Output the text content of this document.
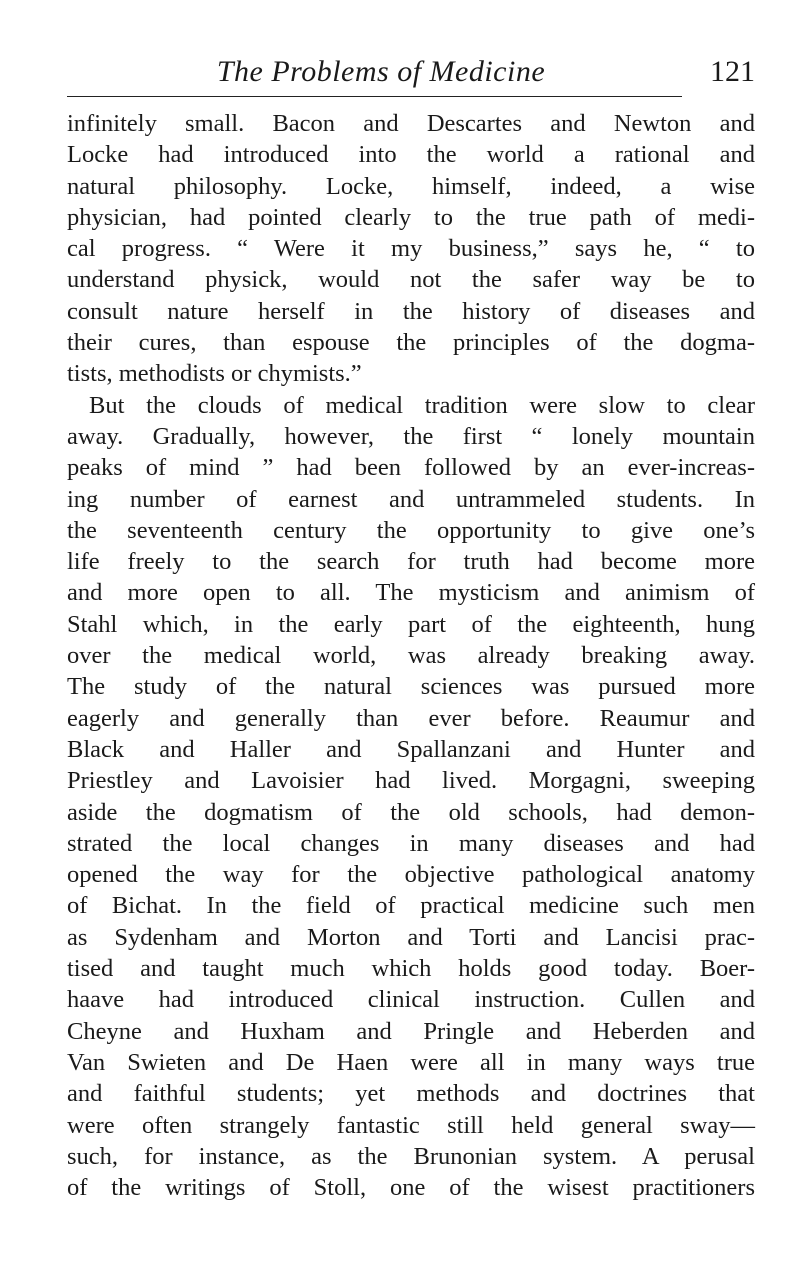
The Problems of Medicine	121
infinitely small. Bacon and Descartes and Newton and
Locke had introduced into the world a rational and
natural philosophy. Locke, himself, indeed, a wise
physician, had pointed clearly to the true path of medi-
cal progress. “ Were it my business,” says he, “ to
understand physick, would not the safer way be to
consult nature herself in the history of diseases and
their cures, than espouse the principles of the dogma-
tists, methodists or chymists.”
But the clouds of medical tradition were slow to clear
away. Gradually, however, the first “ lonely mountain
peaks of mind ” had been followed by an ever-increas-
ing number of earnest and untrammeled students. In
the seventeenth century the opportunity to give one’s
life freely to the search for truth had become more
and more open to all. The mysticism and animism of
Stahl which, in the early part of the eighteenth, hung
over the medical world, was already breaking away.
The study of the natural sciences was pursued more
eagerly and generally than ever before. Reaumur and
Black and Haller and Spallanzani and Hunter and
Priestley and Lavoisier had lived. Morgagni, sweeping
aside the dogmatism of the old schools, had demon-
strated the local changes in many diseases and had
opened the way for the objective pathological anatomy
of Bichat. In the field of practical medicine such men
as Sydenham and Morton and Torti and Lancisi prac-
tised and taught much which holds good today. Boer-
haave had introduced clinical instruction. Cullen and
Cheyne and Huxham and Pringle and Heberden and
Van Swieten and De Haen were all in many ways true
and faithful students; yet methods and doctrines that
were often strangely fantastic still held general sway—
such, for instance, as the Brunonian system. A perusal
of the writings of Stoll, one of the wisest practitioners
